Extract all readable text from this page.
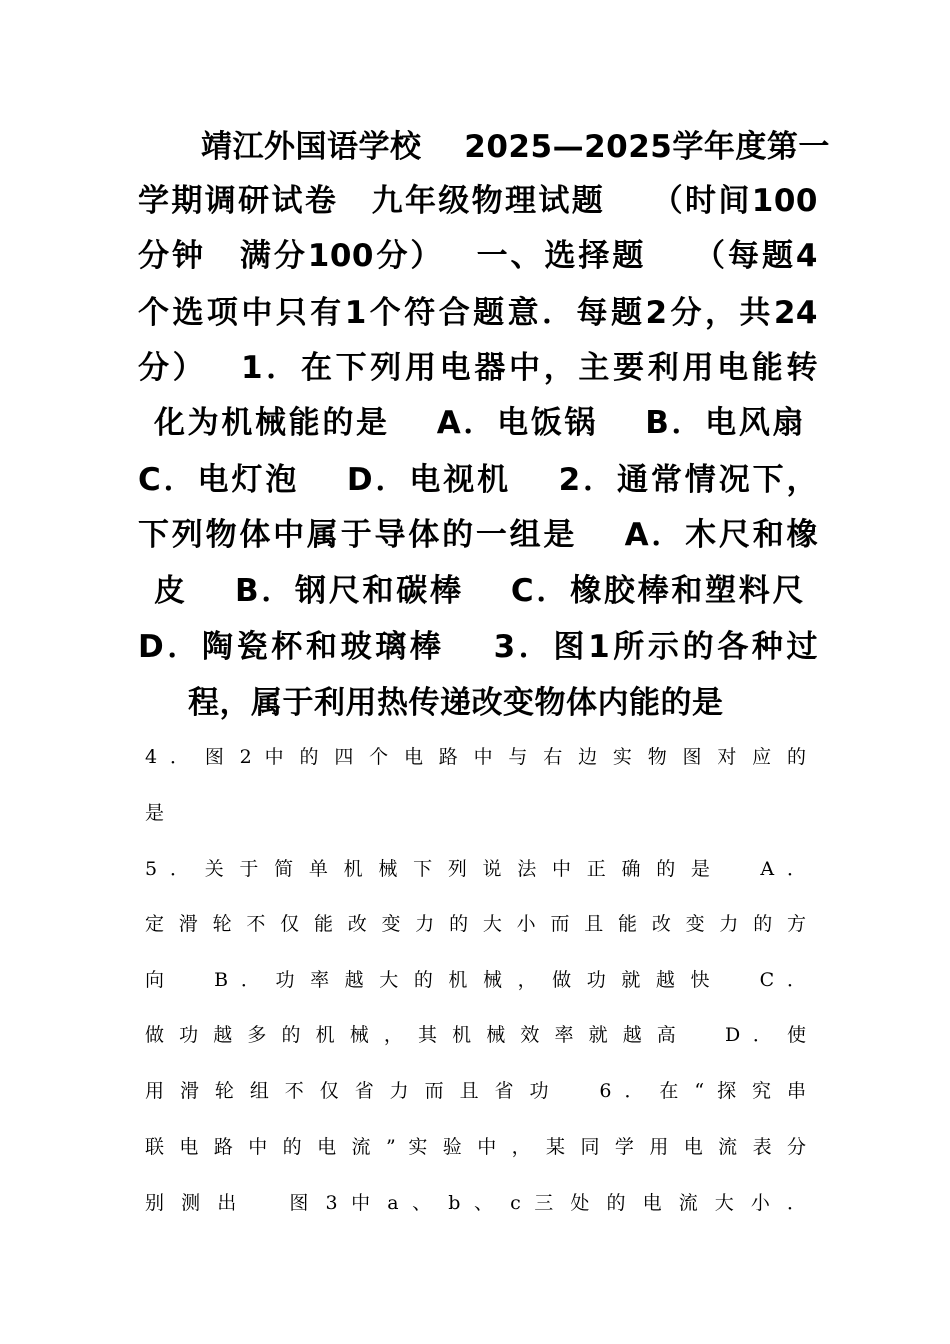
　　靖江外国语学校　 2025—2025学年度第一
学期调研试卷　九年级物理试题　 （时间100
分钟　满分100分）　 一、选择题　 （每题4
个选项中只有1个符合题意．每题2分，共24
分）　 1．在下列用电器中，主要利用电能转
化为机械能的是　 A．电饭锅　 B．电风扇
C．电灯泡　 D．电视机　 2．通常情况下，
下列物体中属于导体的一组是　 A．木尺和橡
皮　 B．钢尺和碳棒　 C．橡胶棒和塑料尺
D．陶瓷杯和玻璃棒　 3．图1所示的各种过
程，属于利用热传递改变物体内能的是
4 ． 图 2 中 的 四 个 电 路 中 与 右 边 实 物 图 对 应 的
是
5 ． 关 于 简 单 机 械 下 列 说 法 中 正 确 的 是 　 A ．
定 滑 轮 不 仅 能 改 变 力 的 大 小 而 且 能 改 变 力 的 方
向 　 B ． 功 率 越 大 的 机 械 ， 做 功 就 越 快 　 C ．
做 功 越 多 的 机 械 ， 其 机 械 效 率 就 越 高 　 D ． 使
用 滑 轮 组 不 仅 省 力 而 且 省 功 　 6 ． 在 “ 探 究 串
联 电 路 中 的 电 流 ” 实 验 中 ， 某 同 学 用 电 流 表 分
别 测 出 　 图 3 中 a 、 b 、 c 三 处 的 电 流 大 小 ．
